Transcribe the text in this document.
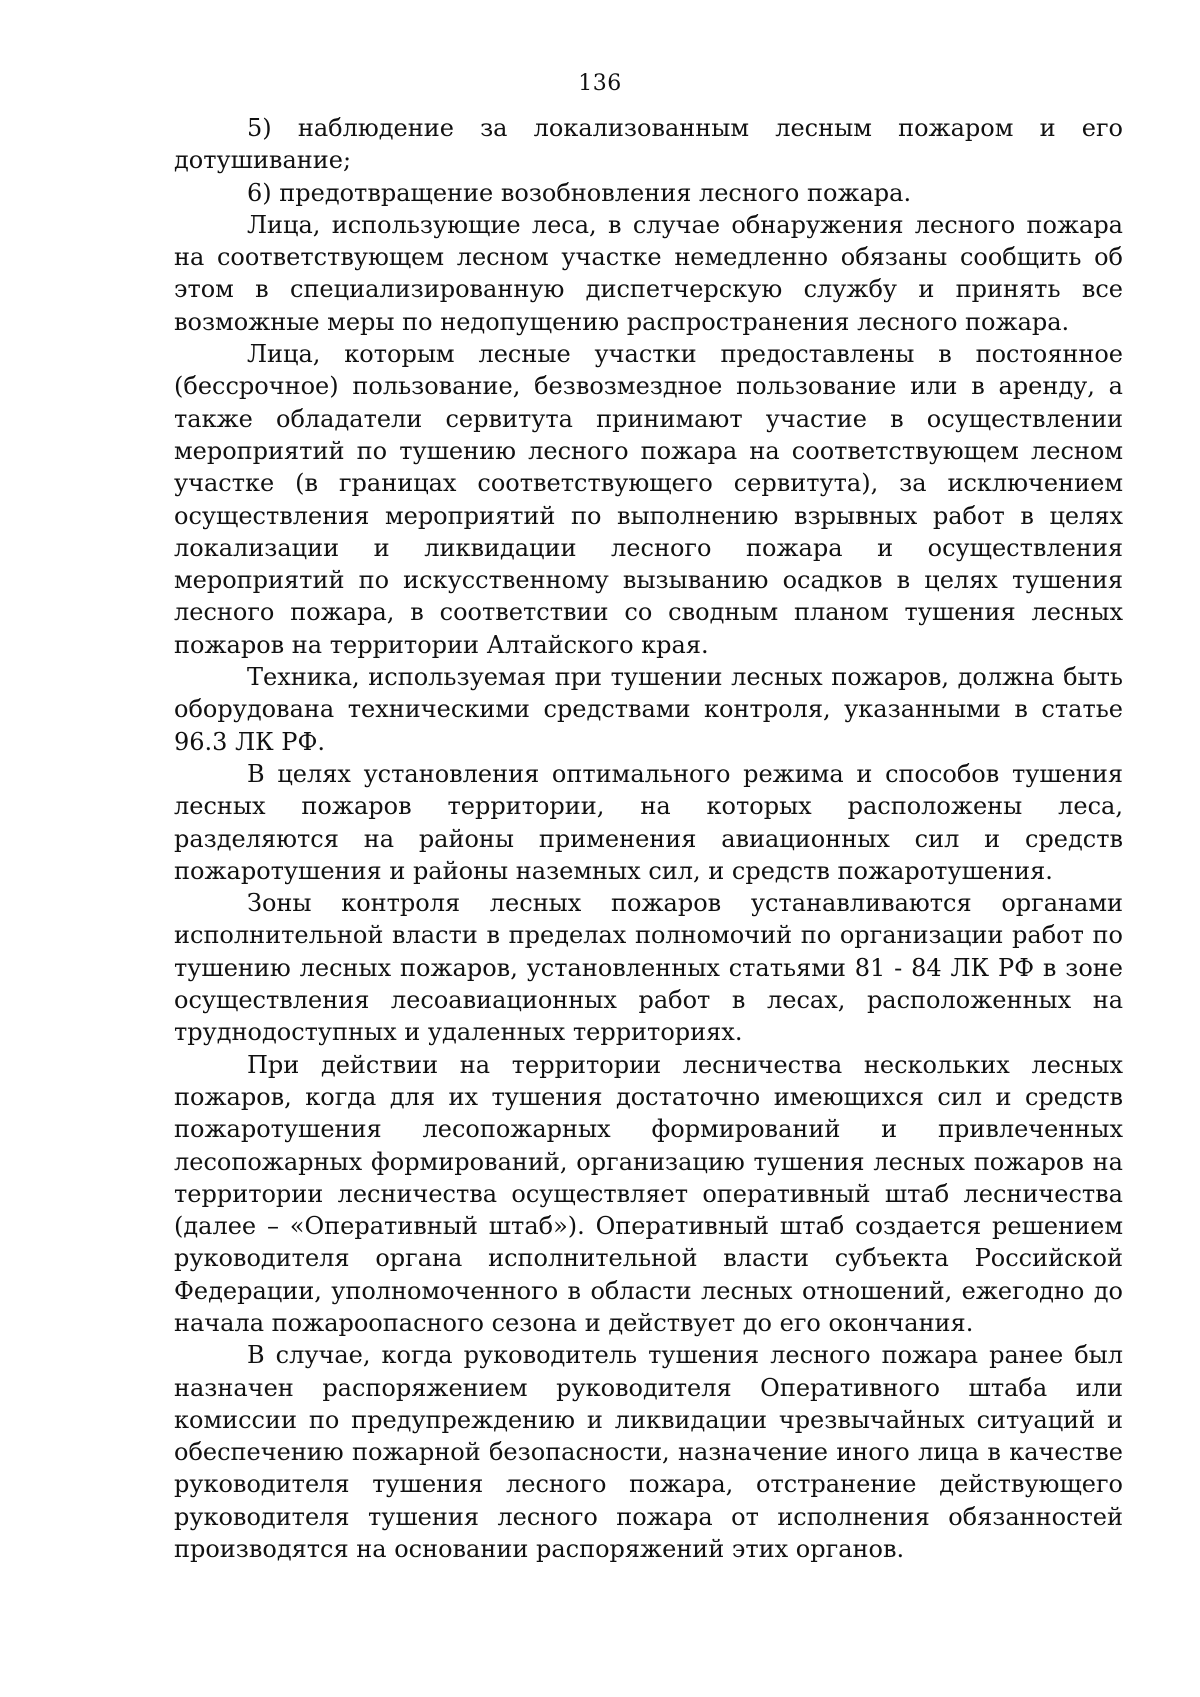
136

5) наблюдение за локализованным лесным пожаром и его дотушивание;

6) предотвращение возобновления лесного пожара.

Лица, использующие леса, в случае обнаружения лесного пожара на соответствующем лесном участке немедленно обязаны сообщить об этом в специализированную диспетчерскую службу и принять все возможные меры по недопущению распространения лесного пожара.

Лица, которым лесные участки предоставлены в постоянное (бессрочное) пользование, безвозмездное пользование или в аренду, а также обладатели сервитута принимают участие в осуществлении мероприятий по тушению лесного пожара на соответствующем лесном участке (в границах соответствующего сервитута), за исключением осуществления мероприятий по выполнению взрывных работ в целях локализации и ликвидации лесного пожара и осуществления мероприятий по искусственному вызыванию осадков в целях тушения лесного пожара, в соответствии со сводным планом тушения лесных пожаров на территории Алтайского края.

Техника, используемая при тушении лесных пожаров, должна быть оборудована техническими средствами контроля, указанными в статье 96.3 ЛК РФ.

В целях установления оптимального режима и способов тушения лесных пожаров территории, на которых расположены леса, разделяются на районы применения авиационных сил и средств пожаротушения и районы наземных сил, и средств пожаротушения.

Зоны контроля лесных пожаров устанавливаются органами исполнительной власти в пределах полномочий по организации работ по тушению лесных пожаров, установленных статьями 81 - 84 ЛК РФ в зоне осуществления лесоавиационных работ в лесах, расположенных на труднодоступных и удаленных территориях.

При действии на территории лесничества нескольких лесных пожаров, когда для их тушения достаточно имеющихся сил и средств пожаротушения лесопожарных формирований и привлеченных лесопожарных формирований, организацию тушения лесных пожаров на территории лесничества осуществляет оперативный штаб лесничества (далее – «Оперативный штаб»). Оперативный штаб создается решением руководителя органа исполнительной власти субъекта Российской Федерации, уполномоченного в области лесных отношений, ежегодно до начала пожароопасного сезона и действует до его окончания.

В случае, когда руководитель тушения лесного пожара ранее был назначен распоряжением руководителя Оперативного штаба или комиссии по предупреждению и ликвидации чрезвычайных ситуаций и обеспечению пожарной безопасности, назначение иного лица в качестве руководителя тушения лесного пожара, отстранение действующего руководителя тушения лесного пожара от исполнения обязанностей производятся на основании распоряжений этих органов.
